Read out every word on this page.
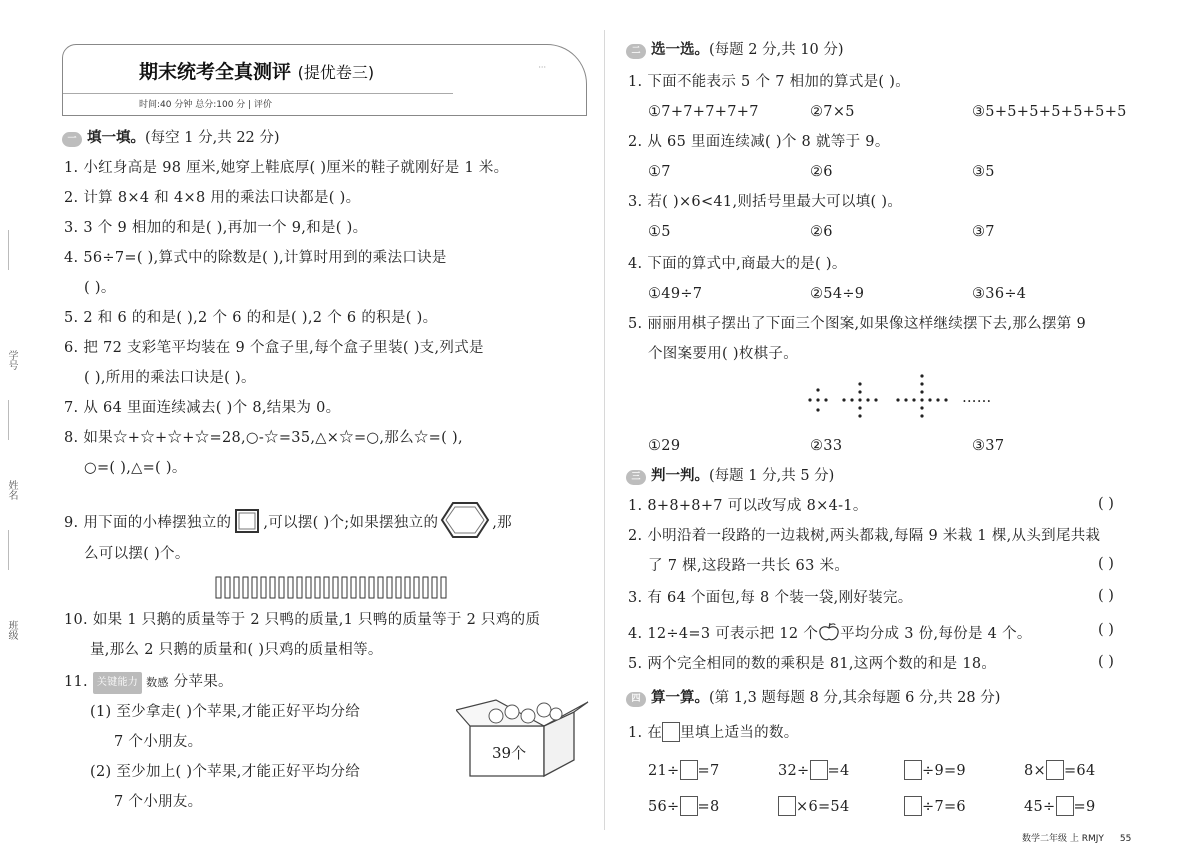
学号
姓名
班级
期末统考全真测评 (提优卷三)	···
时间:40 分钟 总分:100 分 | 评价
一 填一填。(每空 1 分,共 22 分)
1. 小红身高是 98 厘米,她穿上鞋底厚( )厘米的鞋子就刚好是 1 米。
2. 计算 8×4 和 4×8 用的乘法口诀都是( )。
3. 3 个 9 相加的和是( ),再加一个 9,和是( )。
4. 56÷7=( ),算式中的除数是( ),计算时用到的乘法口诀是
( )。
5. 2 和 6 的和是( ),2 个 6 的和是( ),2 个 6 的积是( )。
6. 把 72 支彩笔平均装在 9 个盒子里,每个盒子里装( )支,列式是
( ),所用的乘法口诀是( )。
7. 从 64 里面连续减去( )个 8,结果为 0。
8. 如果☆+☆+☆+☆=28,○-☆=35,△×☆=○,那么☆=( ),
○=( ),△=( )。
9. 用下面的小棒摆独立的 ,可以摆( )个;如果摆独立的	,那
么可以摆( )个。
10. 如果 1 只鹅的质量等于 2 只鸭的质量,1 只鸭的质量等于 2 只鸡的质
量,那么 2 只鹅的质量和( )只鸡的质量相等。
11. 关键能力 数感 分苹果。
(1) 至少拿走( )个苹果,才能正好平均分给
7 个小朋友。
(2) 至少加上( )个苹果,才能正好平均分给
7 个小朋友。
39个
二 选一选。(每题 2 分,共 10 分)
1. 下面不能表示 5 个 7 相加的算式是( )。
①7+7+7+7+7	②7×5	③5+5+5+5+5+5+5
2. 从 65 里面连续减( )个 8 就等于 9。
①7	②6	③5
3. 若( )×6<41,则括号里最大可以填( )。
①5	②6	③7
4. 下面的算式中,商最大的是( )。
①49÷7	②54÷9	③36÷4
5. 丽丽用棋子摆出了下面三个图案,如果像这样继续摆下去,那么摆第 9
个图案要用( )枚棋子。
……
①29	②33	③37
三 判一判。(每题 1 分,共 5 分)
1. 8+8+8+7 可以改写成 8×4-1。	( )
2. 小明沿着一段路的一边栽树,两头都栽,每隔 9 米栽 1 棵,从头到尾共栽
了 7 棵,这段路一共长 63 米。	( )
3. 有 64 个面包,每 8 个装一袋,刚好装完。	( )
4. 12÷4=3 可表示把 12 个 平均分成 3 份,每份是 4 个。	( )
5. 两个完全相同的数的乘积是 81,这两个数的和是 18。	( )
四 算一算。(第 1,3 题每题 8 分,其余每题 6 分,共 28 分)
1. 在 里填上适当的数。
21÷ =7	32÷ =4	÷9=9	8× =64
56÷ =8	×6=54	÷7=6	45÷ =9
数学二年级 上 RMJY 55
